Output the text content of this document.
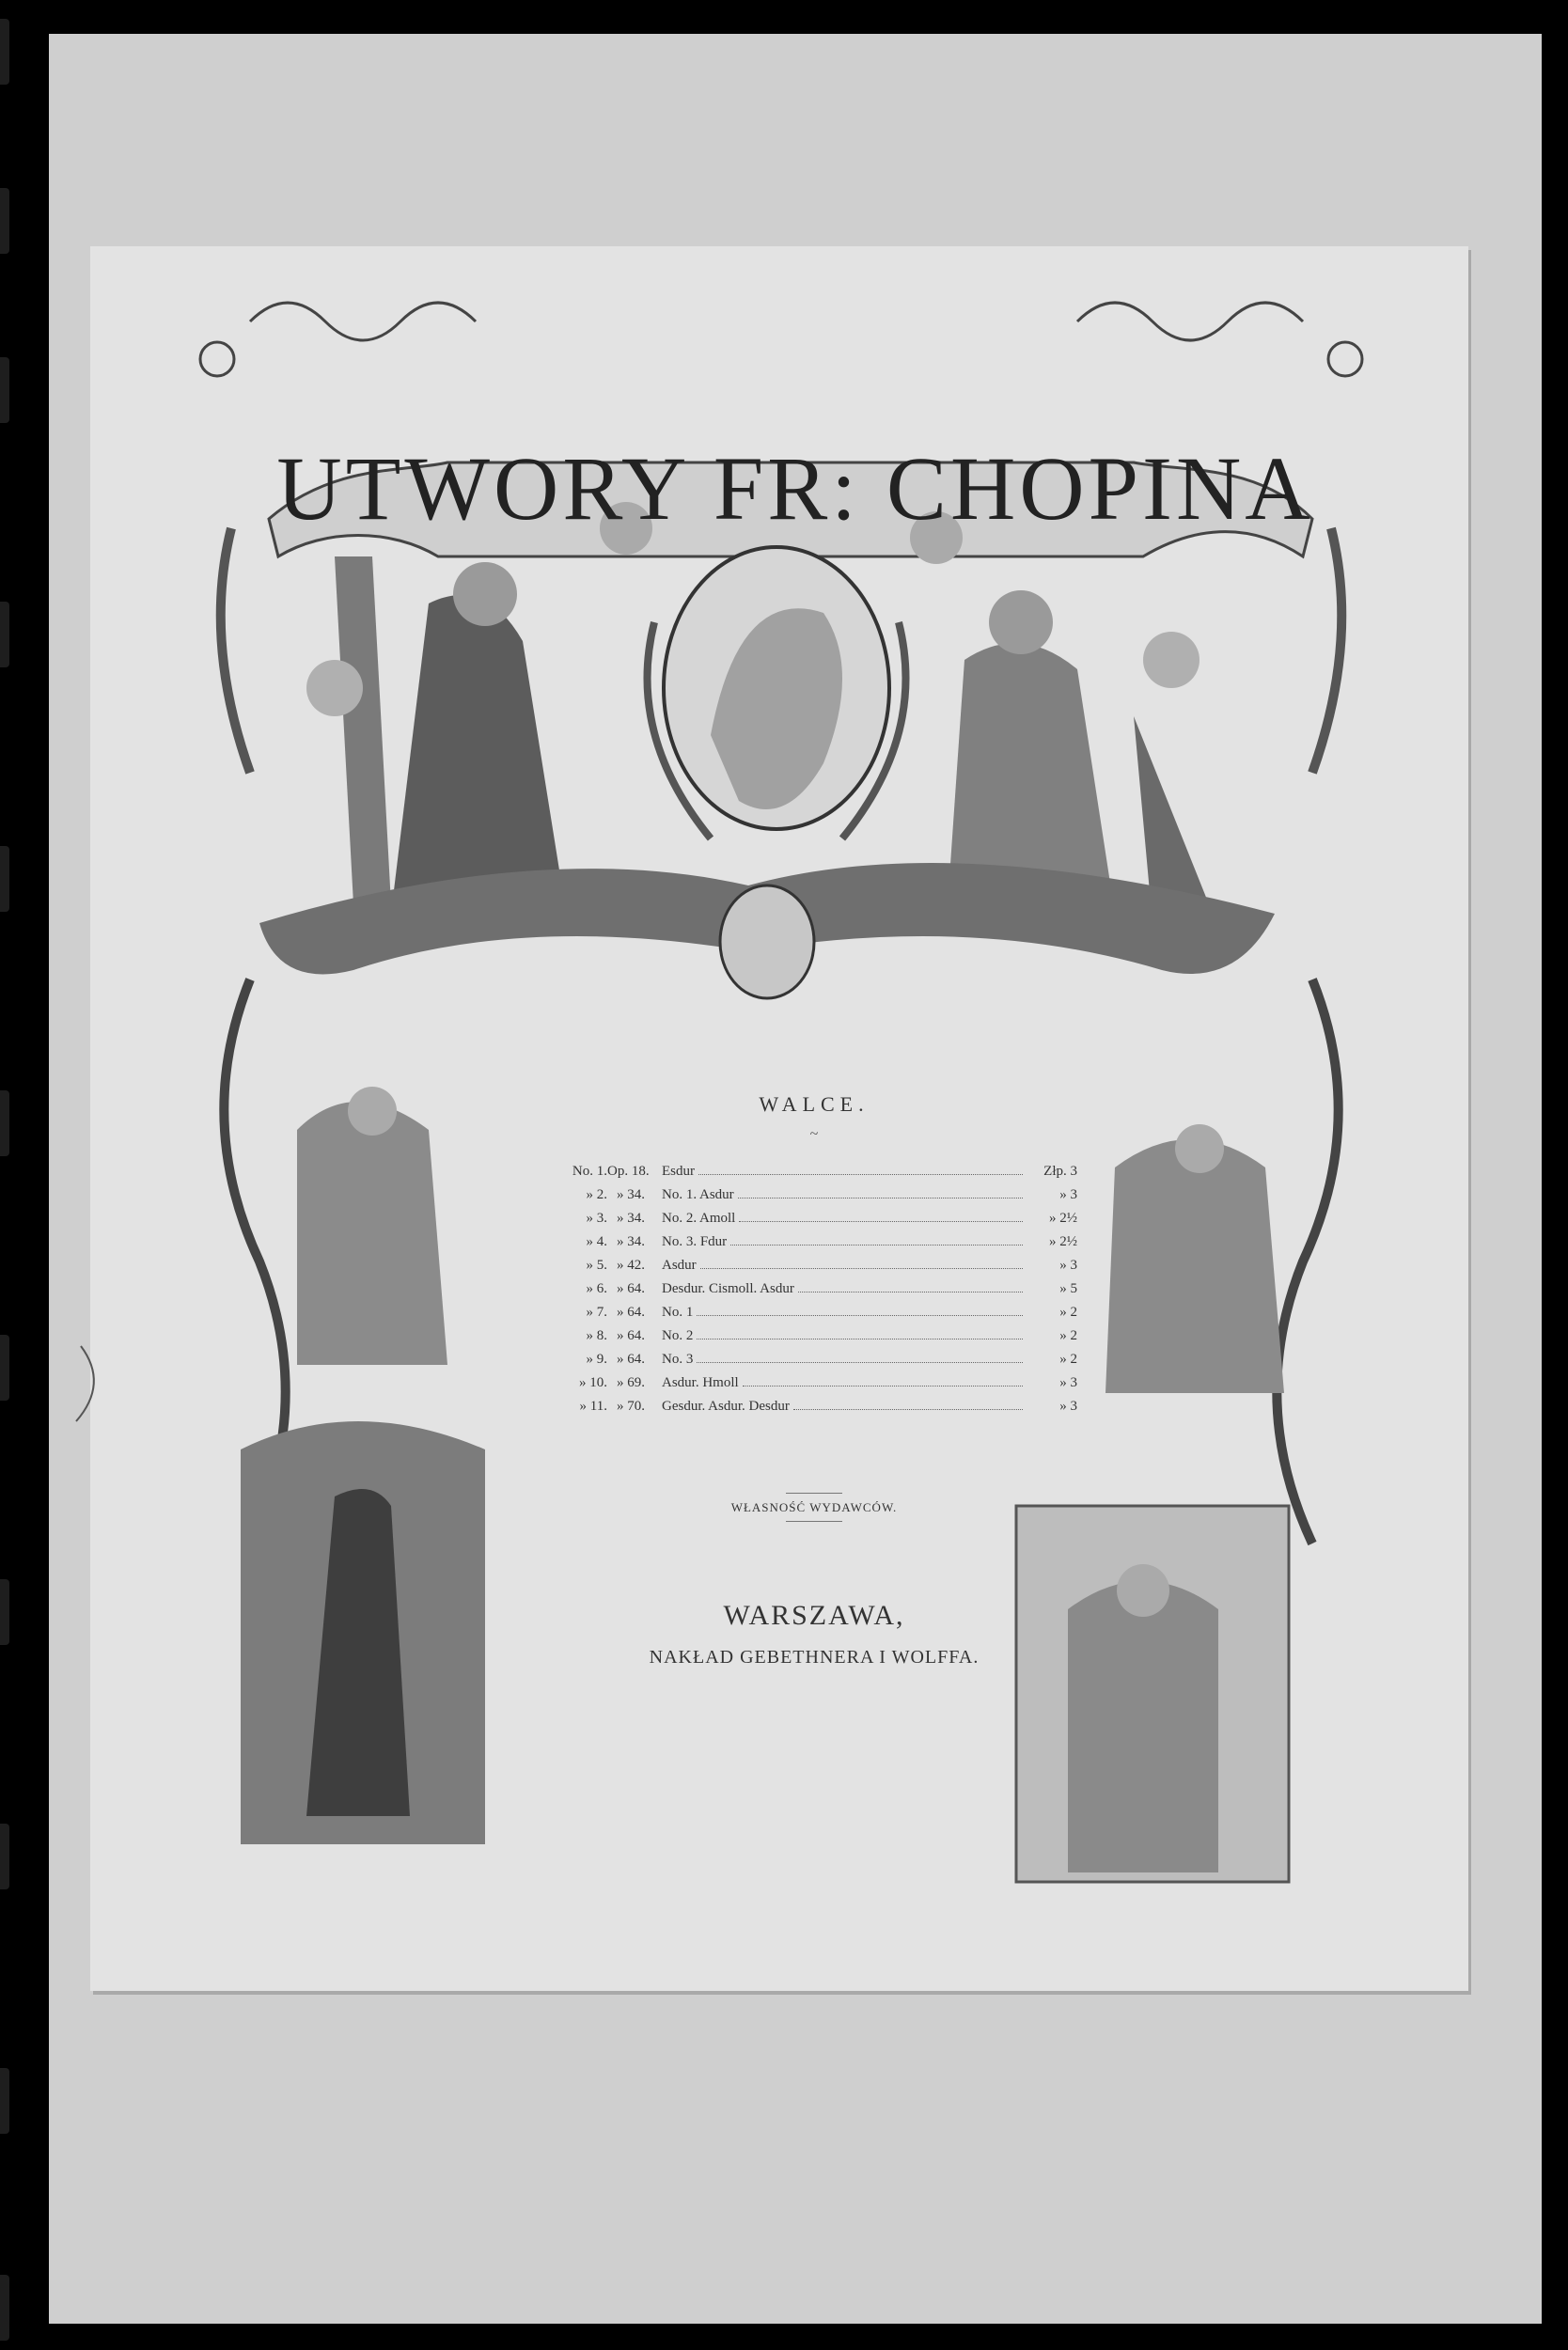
UTWORY FR: CHOPINA
WALCE.
~
No. 1. Op. 18. Esdur	Złp. 3
» 2. » 34. No. 1. Asdur	» 3
» 3. » 34. No. 2. Amoll	» 2½
» 4. » 34. No. 3. Fdur	» 2½
» 5. » 42. Asdur	» 3
» 6. » 64. Desdur. Cismoll. Asdur	» 5
» 7. » 64. No. 1	» 2
» 8. » 64. No. 2	» 2
» 9. » 64. No. 3	» 2
» 10. » 69. Asdur. Hmoll	» 3
» 11. » 70. Gesdur. Asdur. Desdur	» 3
WŁASNOŚĆ WYDAWCÓW.
WARSZAWA,
NAKŁAD GEBETHNERA I WOLFFA.
